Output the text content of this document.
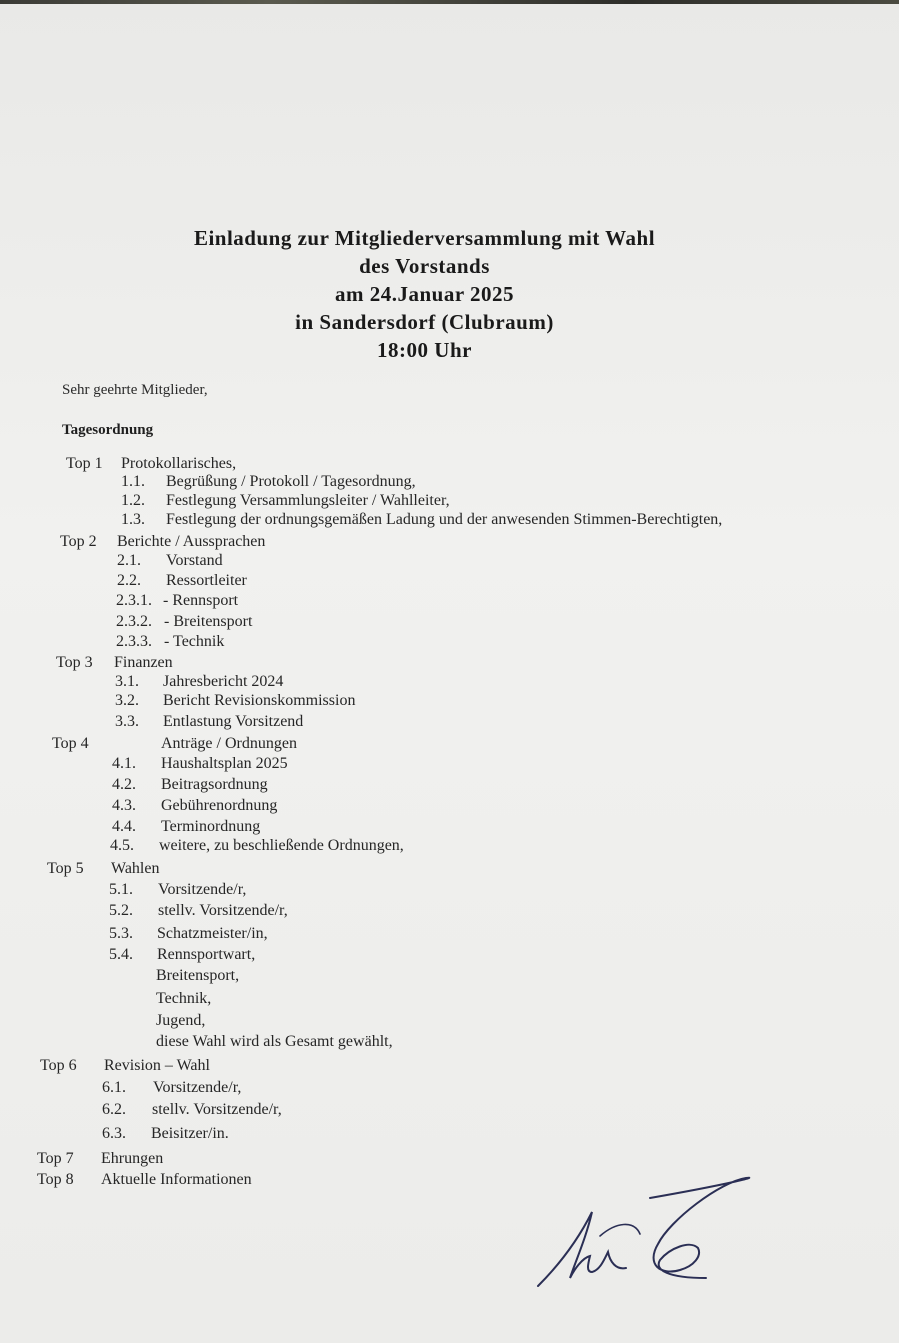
Einladung zur Mitgliederversammlung mit Wahl
des Vorstands
am 24.Januar 2025
in Sandersdorf (Clubraum)
18:00 Uhr
Sehr geehrte Mitglieder,
Tagesordnung
Top 1 Protokollarisches,
1.1. Begrüßung / Protokoll / Tagesordnung,
1.2. Festlegung Versammlungsleiter / Wahlleiter,
1.3. Festlegung der ordnungsgemäßen Ladung und der anwesenden Stimmen-Berechtigten,
Top 2 Berichte / Aussprachen
2.1. Vorstand
2.2. Ressortleiter
2.3.1. - Rennsport
2.3.2. - Breitensport
2.3.3. - Technik
Top 3 Finanzen
3.1. Jahresbericht 2024
3.2. Bericht Revisionskommission
3.3. Entlastung Vorsitzend
Top 4	Anträge / Ordnungen
4.1. Haushaltsplan 2025
4.2. Beitragsordnung
4.3. Gebührenordnung
4.4. Terminordnung
4.5. weitere, zu beschließende Ordnungen,
Top 5 Wahlen
5.1. Vorsitzende/r,
5.2. stellv. Vorsitzende/r,
5.3. Schatzmeister/in,
5.4. Rennsportwart,
Breitensport,
Technik,
Jugend,
diese Wahl wird als Gesamt gewählt,
Top 6 Revision – Wahl
6.1. Vorsitzende/r,
6.2. stellv. Vorsitzende/r,
6.3. Beisitzer/in.
Top 7 Ehrungen
Top 8 Aktuelle Informationen
